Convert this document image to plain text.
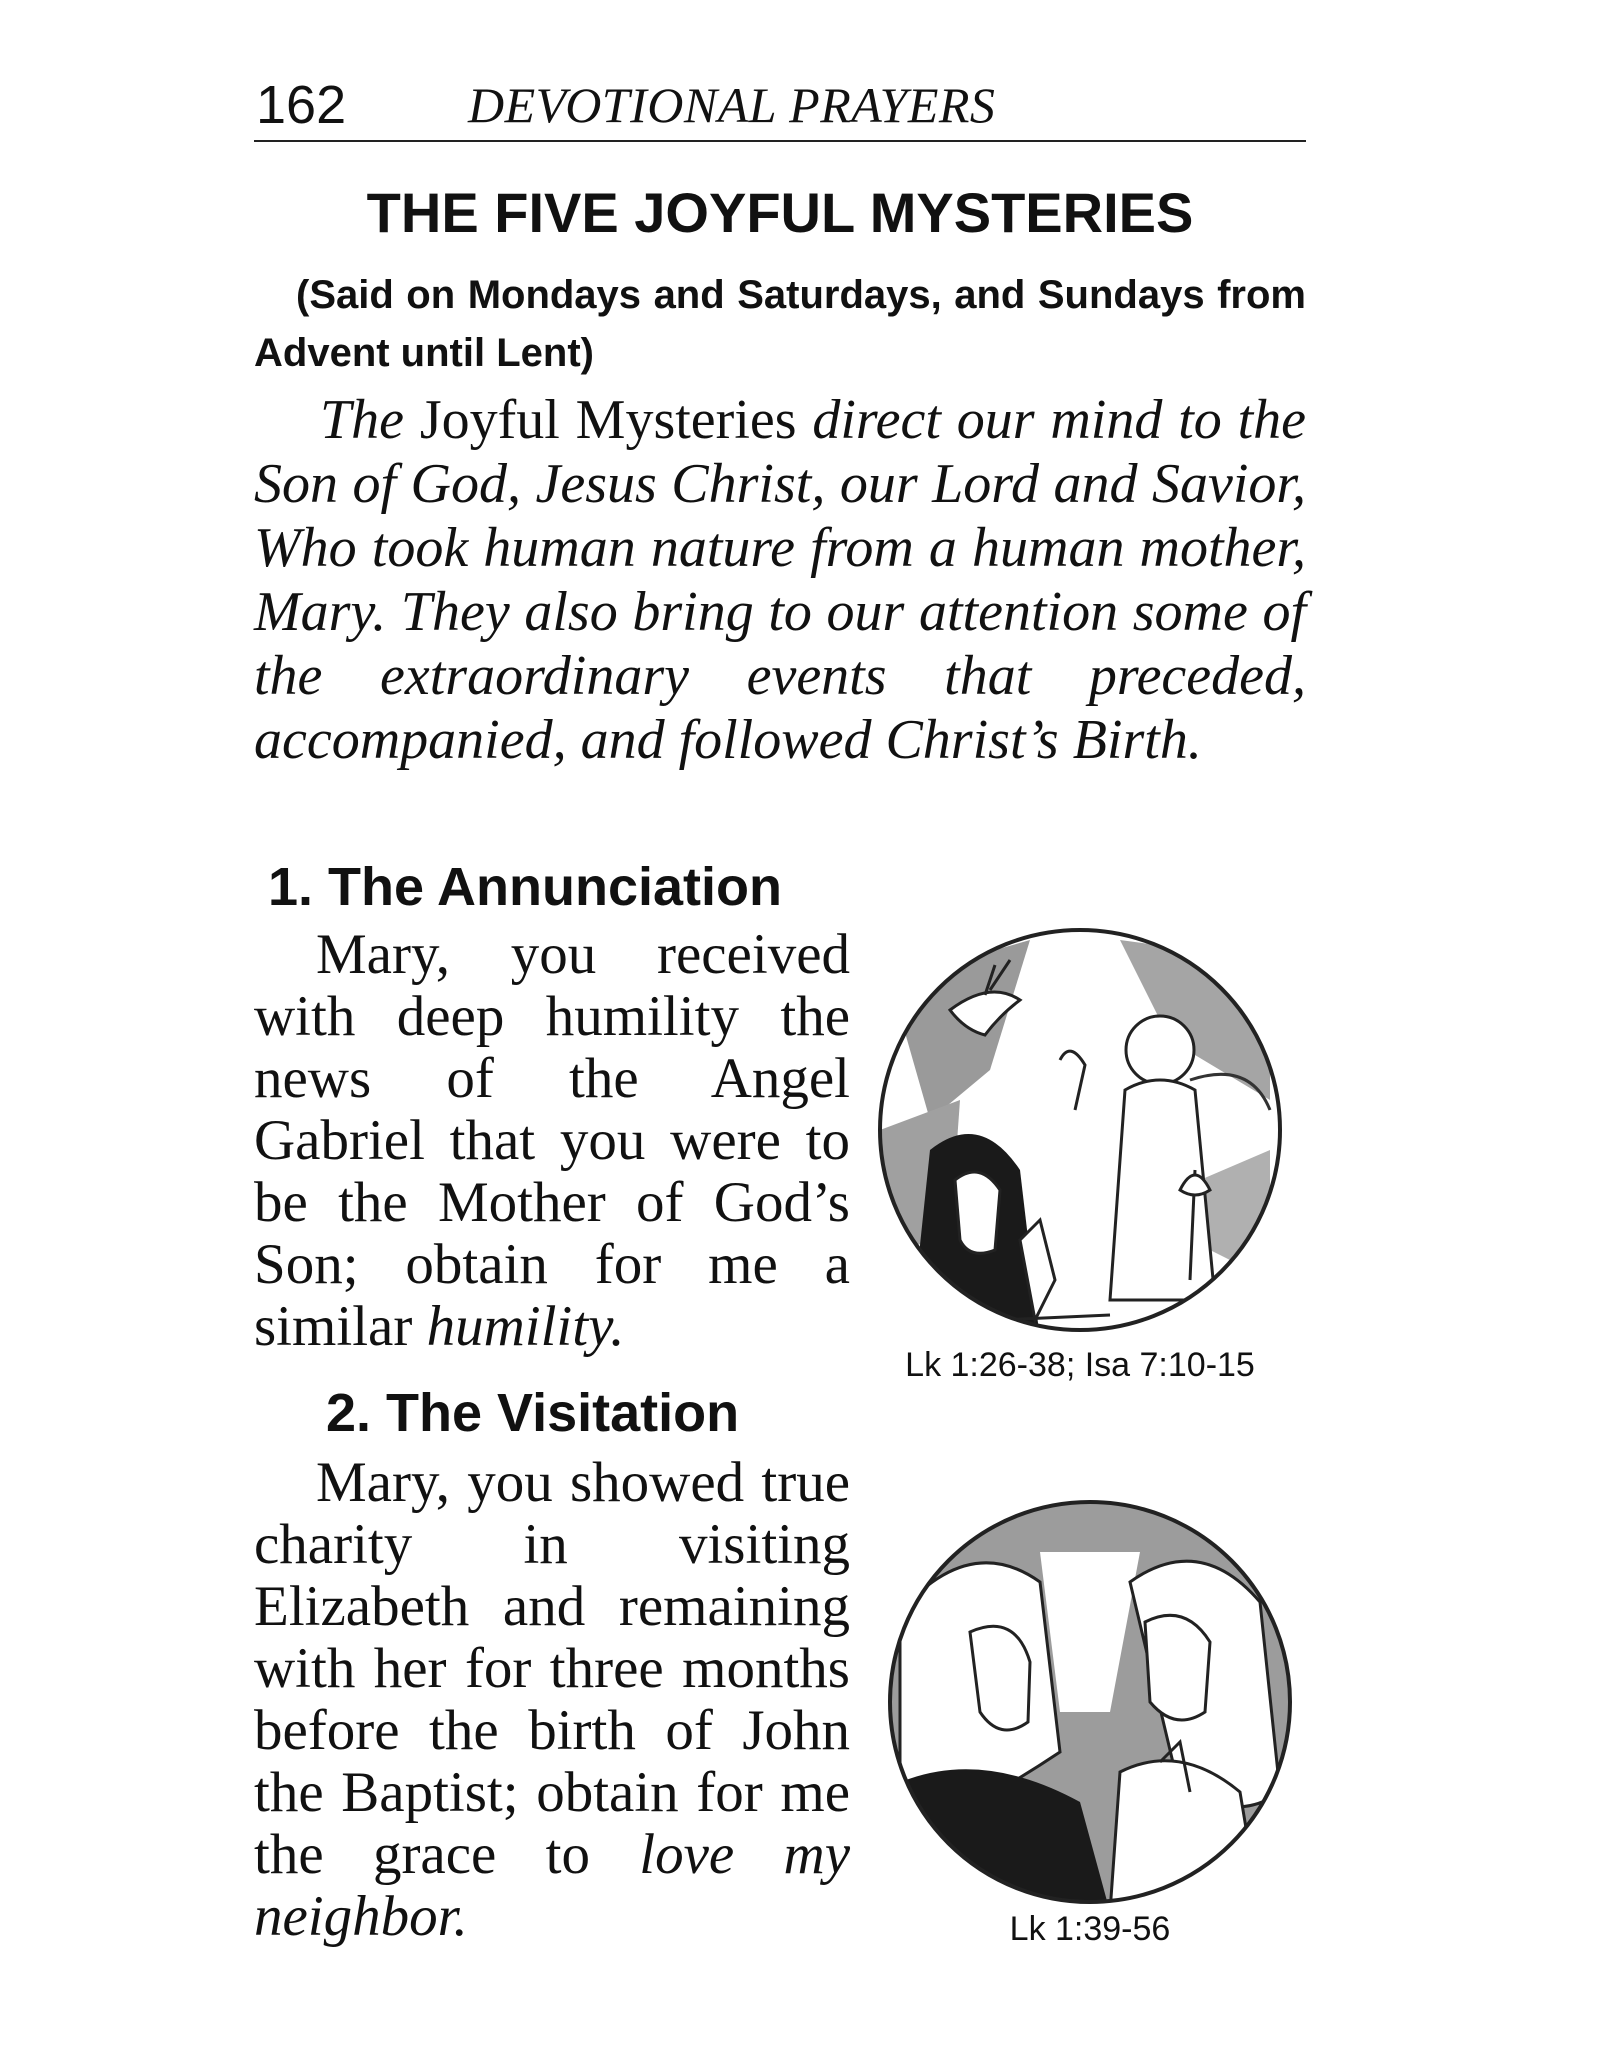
162 DEVOTIONAL PRAYERS
THE FIVE JOYFUL MYSTERIES
(Said on Mondays and Saturdays, and Sundays from Advent until Lent)
The Joyful Mysteries direct our mind to the Son of God, Jesus Christ, our Lord and Savior, Who took human nature from a human mother, Mary. They also bring to our attention some of the extraordinary events that preceded, accompanied, and followed Christ’s Birth.
1. The Annunciation
Mary, you received with deep humility the news of the Angel Gabriel that you were to be the Mother of God’s Son; obtain for me a similar humility.
Lk 1:26-38; Isa 7:10-15
2. The Visitation
Mary, you showed true charity in visiting Elizabeth and remaining with her for three months before the birth of John the Baptist; obtain for me the grace to love my neighbor.	Lk 1:39-56
